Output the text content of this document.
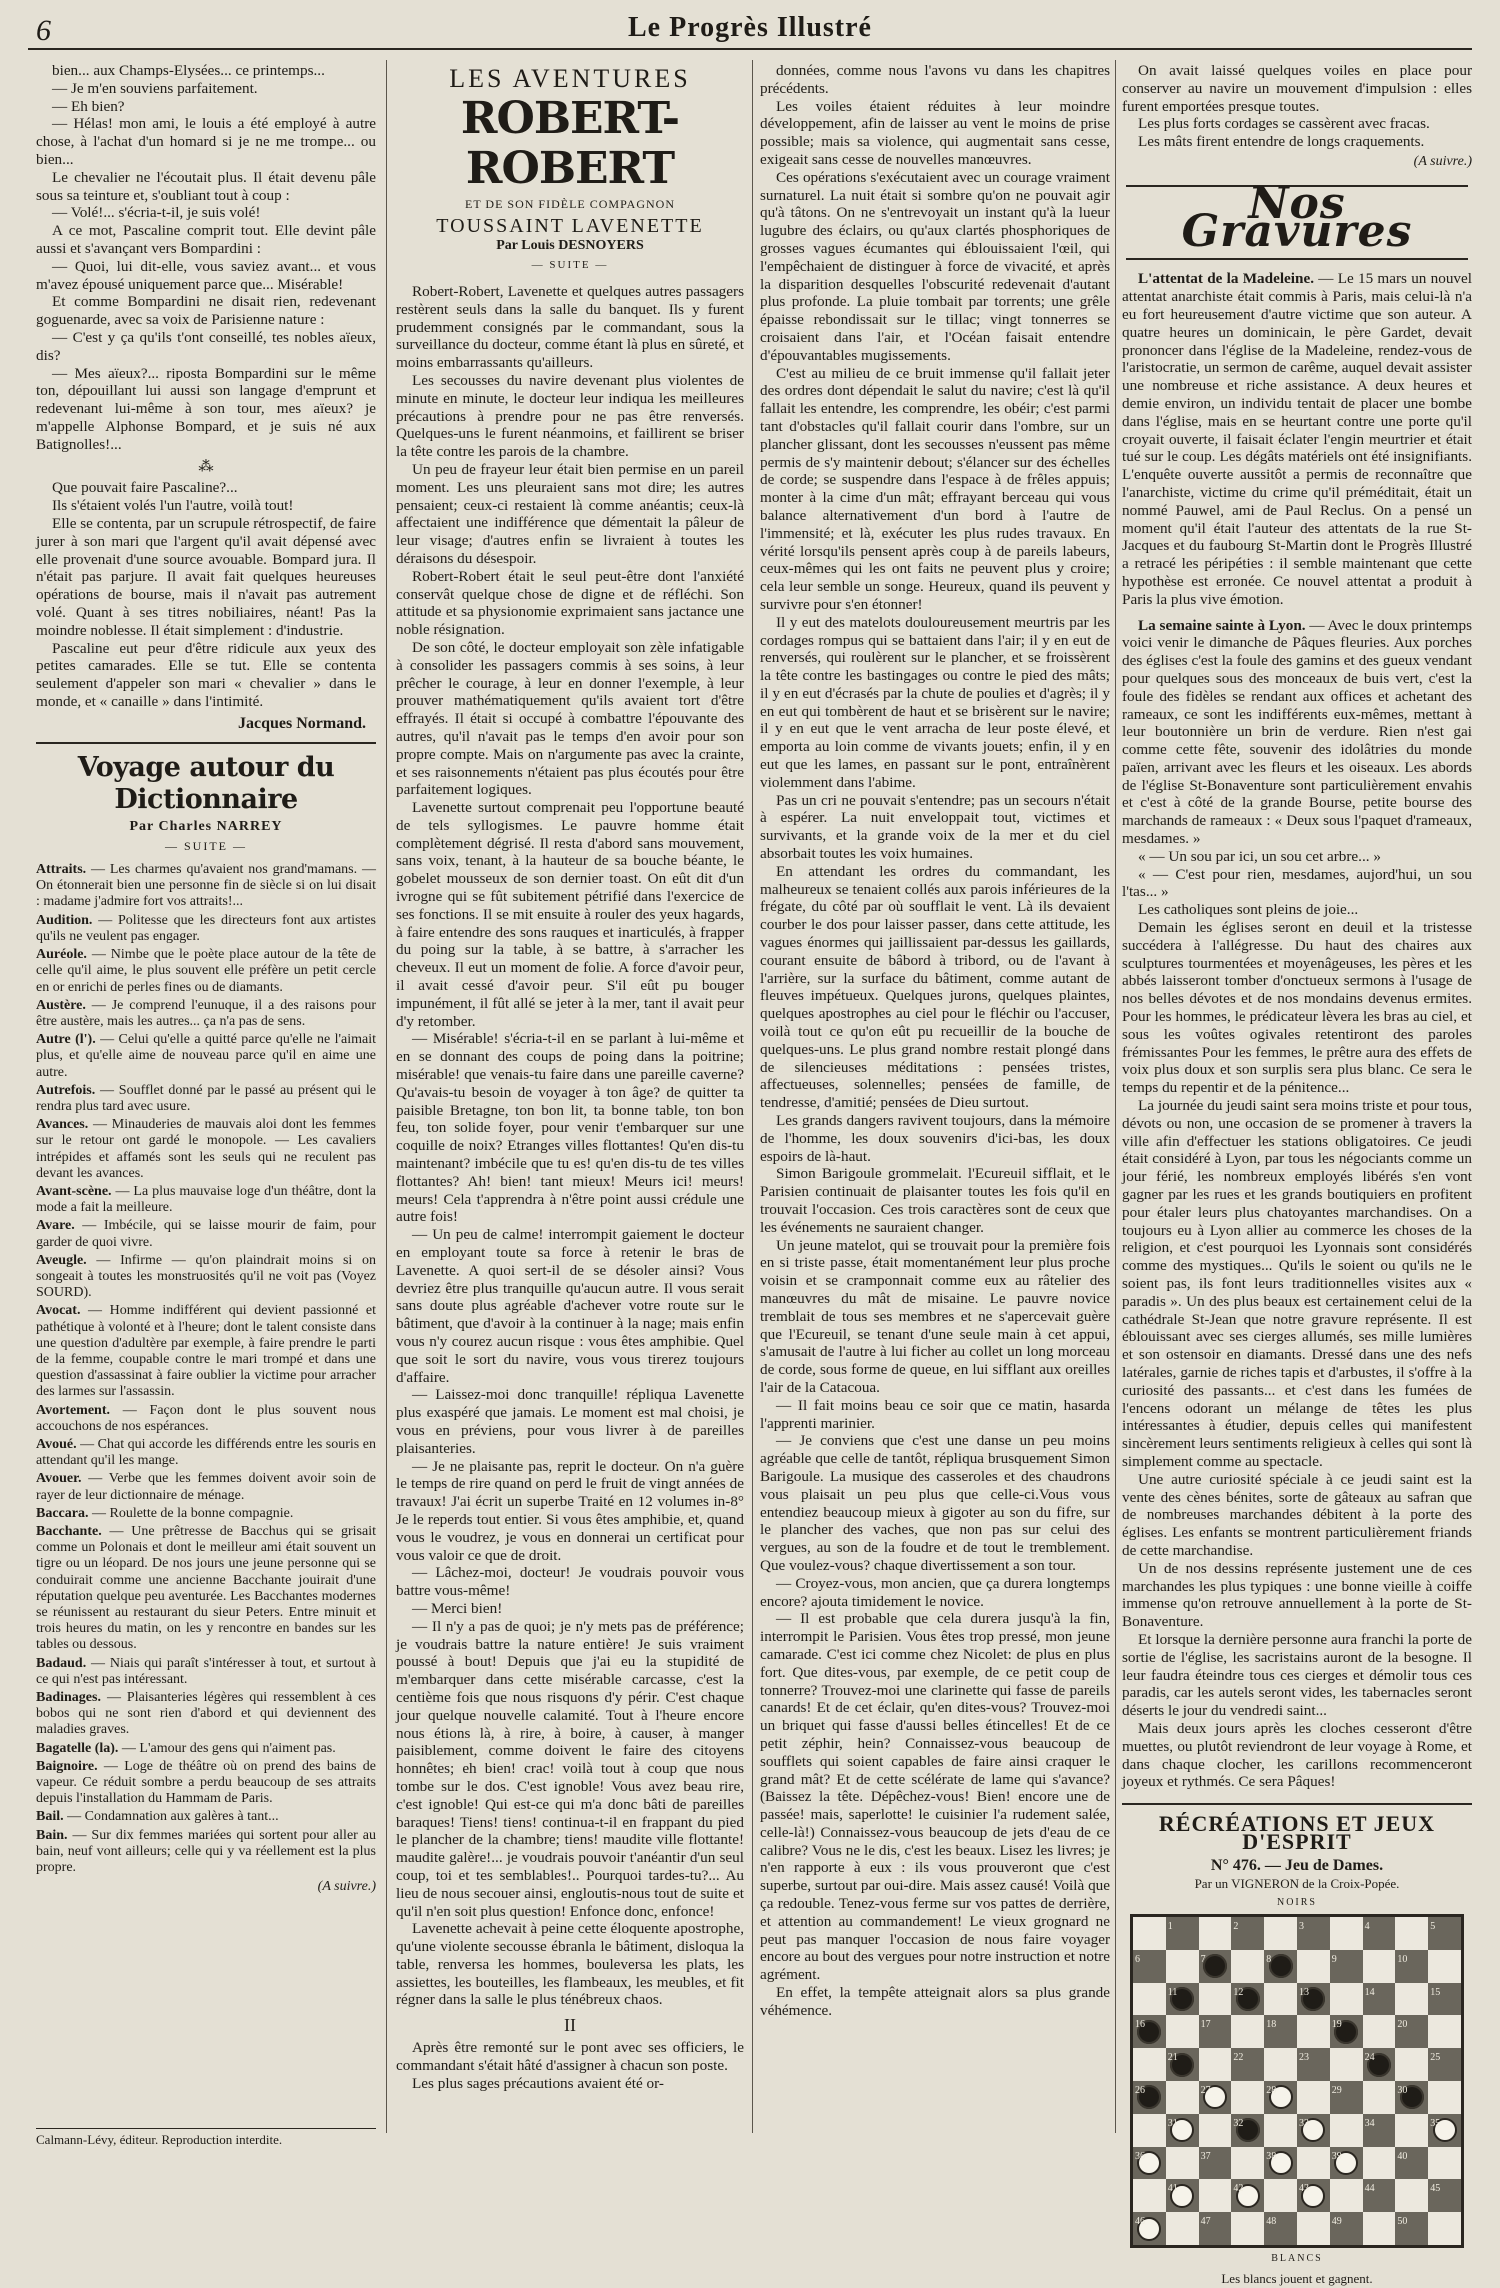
6	Le Progrès Illustré

bien... aux Champs-Elysées... ce printemps...

— Je m'en souviens parfaitement.

— Eh bien?

— Hélas! mon ami, le louis a été employé à autre chose, à l'achat d'un homard si je ne me trompe... ou bien...

Le chevalier ne l'écoutait plus. Il était devenu pâle sous sa teinture et, s'oubliant tout à coup :

— Volé!... s'écria-t-il, je suis volé!

A ce mot, Pascaline comprit tout. Elle devint pâle aussi et s'avançant vers Bompardini :

— Quoi, lui dit-elle, vous saviez avant... et vous m'avez épousé uniquement parce que... Misérable!

Et comme Bompardini ne disait rien, redevenant goguenarde, avec sa voix de Parisienne nature :

— C'est y ça qu'ils t'ont conseillé, tes nobles aïeux, dis?

— Mes aïeux?... riposta Bompardini sur le même ton, dépouillant lui aussi son langage d'emprunt et redevenant lui-même à son tour, mes aïeux? je m'appelle Alphonse Bompard, et je suis né aux Batignolles!...

⁂

Que pouvait faire Pascaline?...

Ils s'étaient volés l'un l'autre, voilà tout!

Elle se contenta, par un scrupule rétrospectif, de faire jurer à son mari que l'argent qu'il avait dépensé avec elle provenait d'une source avouable. Bompard jura. Il n'était pas parjure. Il avait fait quelques heureuses opérations de bourse, mais il n'avait pas autrement volé. Quant à ses titres nobiliaires, néant! Pas la moindre noblesse. Il était simplement : d'industrie.

Pascaline eut peur d'être ridicule aux yeux des petites camarades. Elle se tut. Elle se contenta seulement d'appeler son mari « chevalier » dans le monde, et « canaille » dans l'intimité.

Jacques Normand.

Voyage autour du Dictionnaire

Par Charles NARREY

— SUITE —

Attraits. — Les charmes qu'avaient nos grand'mamans. — On étonnerait bien une personne fin de siècle si on lui disait : madame j'admire fort vos attraits!...

Audition. — Politesse que les directeurs font aux artistes qu'ils ne veulent pas engager.

Auréole. — Nimbe que le poète place autour de la tête de celle qu'il aime, le plus souvent elle préfère un petit cercle en or enrichi de perles fines ou de diamants.

Austère. — Je comprend l'eunuque, il a des raisons pour être austère, mais les autres... ça n'a pas de sens.

Autre (l'). — Celui qu'elle a quitté parce qu'elle ne l'aimait plus, et qu'elle aime de nouveau parce qu'il en aime une autre.

Autrefois. — Soufflet donné par le passé au présent qui le rendra plus tard avec usure.

Avances. — Minauderies de mauvais aloi dont les femmes sur le retour ont gardé le monopole. — Les cavaliers intrépides et affamés sont les seuls qui ne reculent pas devant les avances.

Avant-scène. — La plus mauvaise loge d'un théâtre, dont la mode a fait la meilleure.

Avare. — Imbécile, qui se laisse mourir de faim, pour garder de quoi vivre.

Aveugle. — Infirme — qu'on plaindrait moins si on songeait à toutes les monstruosités qu'il ne voit pas (Voyez SOURD).

Avocat. — Homme indifférent qui devient passionné et pathétique à volonté et à l'heure; dont le talent consiste dans une question d'adultère par exemple, à faire prendre le parti de la femme, coupable contre le mari trompé et dans une question d'assassinat à faire oublier la victime pour arracher des larmes sur l'assassin.

Avortement. — Façon dont le plus souvent nous accouchons de nos espérances.

Avoué. — Chat qui accorde les différends entre les souris en attendant qu'il les mange.

Avouer. — Verbe que les femmes doivent avoir soin de rayer de leur dictionnaire de ménage.

Baccara. — Roulette de la bonne compagnie.

Bacchante. — Une prêtresse de Bacchus qui se grisait comme un Polonais et dont le meilleur ami était souvent un tigre ou un léopard. De nos jours une jeune personne qui se conduirait comme une ancienne Bacchante jouirait d'une réputation quelque peu aventurée. Les Bacchantes modernes se réunissent au restaurant du sieur Peters. Entre minuit et trois heures du matin, on les y rencontre en bandes sur les tables ou dessous.

Badaud. — Niais qui paraît s'intéresser à tout, et surtout à ce qui n'est pas intéressant.

Badinages. — Plaisanteries légères qui ressemblent à ces bobos qui ne sont rien d'abord et qui deviennent des maladies graves.

Bagatelle (la). — L'amour des gens qui n'aiment pas.

Baignoire. — Loge de théâtre où on prend des bains de vapeur. Ce réduit sombre a perdu beaucoup de ses attraits depuis l'installation du Hammam de Paris.

Bail. — Condamnation aux galères à tant...

Bain. — Sur dix femmes mariées qui sortent pour aller au bain, neuf vont ailleurs; celle qui y va réellement est la plus propre.

(A suivre.)

Calmann-Lévy, éditeur. Reproduction interdite.

LES AVENTURES

ROBERT-ROBERT

ET DE SON FIDÈLE COMPAGNON

TOUSSAINT LAVENETTE

Par Louis DESNOYERS

— SUITE —

Robert-Robert, Lavenette et quelques autres passagers restèrent seuls dans la salle du banquet. Ils y furent prudemment consignés par le commandant, sous la surveillance du docteur, comme étant là plus en sûreté, et moins embarrassants qu'ailleurs.

Les secousses du navire devenant plus violentes de minute en minute, le docteur leur indiqua les meilleures précautions à prendre pour ne pas être renversés. Quelques-uns le furent néanmoins, et faillirent se briser la tête contre les parois de la chambre.

Un peu de frayeur leur était bien permise en un pareil moment. Les uns pleuraient sans mot dire; les autres pensaient; ceux-ci restaient là comme anéantis; ceux-là affectaient une indifférence que démentait la pâleur de leur visage; d'autres enfin se livraient à toutes les déraisons du désespoir.

Robert-Robert était le seul peut-être dont l'anxiété conservât quelque chose de digne et de réfléchi. Son attitude et sa physionomie exprimaient sans jactance une noble résignation.

De son côté, le docteur employait son zèle infatigable à consolider les passagers commis à ses soins, à leur prêcher le courage, à leur en donner l'exemple, à leur prouver mathématiquement qu'ils avaient tort d'être effrayés. Il était si occupé à combattre l'épouvante des autres, qu'il n'avait pas le temps d'en avoir pour son propre compte. Mais on n'argumente pas avec la crainte, et ses raisonnements n'étaient pas plus écoutés pour être parfaitement logiques.

Lavenette surtout comprenait peu l'opportune beauté de tels syllogismes. Le pauvre homme était complètement dégrisé. Il resta d'abord sans mouvement, sans voix, tenant, à la hauteur de sa bouche béante, le gobelet mousseux de son dernier toast. On eût dit d'un ivrogne qui se fût subitement pétrifié dans l'exercice de ses fonctions. Il se mit ensuite à rouler des yeux hagards, à faire entendre des sons rauques et inarticulés, à frapper du poing sur la table, à se battre, à s'arracher les cheveux. Il eut un moment de folie. A force d'avoir peur, il avait cessé d'avoir peur. S'il eût pu bouger impunément, il fût allé se jeter à la mer, tant il avait peur d'y retomber.

— Misérable! s'écria-t-il en se parlant à lui-même et en se donnant des coups de poing dans la poitrine; misérable! que venais-tu faire dans une pareille caverne? Qu'avais-tu besoin de voyager à ton âge? de quitter ta paisible Bretagne, ton bon lit, ta bonne table, ton bon feu, ton solide foyer, pour venir t'embarquer sur une coquille de noix? Etranges villes flottantes! Qu'en dis-tu maintenant? imbécile que tu es! qu'en dis-tu de tes villes flottantes? Ah! bien! tant mieux! Meurs ici! meurs! meurs! Cela t'apprendra à n'être point aussi crédule une autre fois!

— Un peu de calme! interrompit gaiement le docteur en employant toute sa force à retenir le bras de Lavenette. A quoi sert-il de se désoler ainsi? Vous devriez être plus tranquille qu'aucun autre. Il vous serait sans doute plus agréable d'achever votre route sur le bâtiment, que d'avoir à la continuer à la nage; mais enfin vous n'y courez aucun risque : vous êtes amphibie. Quel que soit le sort du navire, vous vous tirerez toujours d'affaire.

— Laissez-moi donc tranquille! répliqua Lavenette plus exaspéré que jamais. Le moment est mal choisi, je vous en préviens, pour vous livrer à de pareilles plaisanteries.

— Je ne plaisante pas, reprit le docteur. On n'a guère le temps de rire quand on perd le fruit de vingt années de travaux! J'ai écrit un superbe Traité en 12 volumes in-8° Je le reperds tout entier. Si vous êtes amphibie, et, quand vous le voudrez, je vous en donnerai un certificat pour vous valoir ce que de droit.

— Lâchez-moi, docteur! Je voudrais pouvoir vous battre vous-même!

— Merci bien!

— Il n'y a pas de quoi; je n'y mets pas de préférence; je voudrais battre la nature entière! Je suis vraiment poussé à bout! Depuis que j'ai eu la stupidité de m'embarquer dans cette misérable carcasse, c'est la centième fois que nous risquons d'y périr. C'est chaque jour quelque nouvelle calamité. Tout à l'heure encore nous étions là, à rire, à boire, à causer, à manger paisiblement, comme doivent le faire des citoyens honnêtes; eh bien! crac! voilà tout à coup que nous tombe sur le dos. C'est ignoble! Vous avez beau rire, c'est ignoble! Qui est-ce qui m'a donc bâti de pareilles baraques! Tiens! tiens! continua-t-il en frappant du pied le plancher de la chambre; tiens! maudite ville flottante! maudite galère!... je voudrais pouvoir t'anéantir d'un seul coup, toi et tes semblables!.. Pourquoi tardes-tu?... Au lieu de nous secouer ainsi, engloutis-nous tout de suite et qu'il n'en soit plus question! Enfonce donc, enfonce!

Lavenette achevait à peine cette éloquente apostrophe, qu'une violente secousse ébranla le bâtiment, disloqua la table, renversa les hommes, bouleversa les plats, les assiettes, les bouteilles, les flambeaux, les meubles, et fit régner dans la salle le plus ténébreux chaos.

II

Après être remonté sur le pont avec ses officiers, le commandant s'était hâté d'assigner à chacun son poste.

Les plus sages précautions avaient été or-

données, comme nous l'avons vu dans les chapitres précédents.

Les voiles étaient réduites à leur moindre développement, afin de laisser au vent le moins de prise possible; mais sa violence, qui augmentait sans cesse, exigeait sans cesse de nouvelles manœuvres.

Ces opérations s'exécutaient avec un courage vraiment surnaturel. La nuit était si sombre qu'on ne pouvait agir qu'à tâtons. On ne s'entrevoyait un instant qu'à la lueur lugubre des éclairs, ou qu'aux clartés phosphoriques de grosses vagues écumantes qui éblouissaient l'œil, qui l'empêchaient de distinguer à force de vivacité, et après la disparition desquelles l'obscurité redevenait d'autant plus profonde. La pluie tombait par torrents; une grêle épaisse rebondissait sur le tillac; vingt tonnerres se croisaient dans l'air, et l'Océan faisait entendre d'épouvantables mugissements.

C'est au milieu de ce bruit immense qu'il fallait jeter des ordres dont dépendait le salut du navire; c'est là qu'il fallait les entendre, les comprendre, les obéir; c'est parmi tant d'obstacles qu'il fallait courir dans l'ombre, sur un plancher glissant, dont les secousses n'eussent pas même permis de s'y maintenir debout; s'élancer sur des échelles de corde; se suspendre dans l'espace à de frêles appuis; monter à la cime d'un mât; effrayant berceau qui vous balance alternativement d'un bord à l'autre de l'immensité; et là, exécuter les plus rudes travaux. En vérité lorsqu'ils pensent après coup à de pareils labeurs, ceux-mêmes qui les ont faits ne peuvent plus y croire; cela leur semble un songe. Heureux, quand ils peuvent y survivre pour s'en étonner!

Il y eut des matelots douloureusement meurtris par les cordages rompus qui se battaient dans l'air; il y en eut de renversés, qui roulèrent sur le plancher, et se froissèrent la tête contre les bastingages ou contre le pied des mâts; il y en eut d'écrasés par la chute de poulies et d'agrès; il y en eut qui tombèrent de haut et se brisèrent sur le navire; il y en eut que le vent arracha de leur poste élevé, et emporta au loin comme de vivants jouets; enfin, il y en eut que les lames, en passant sur le pont, entraînèrent violemment dans l'abime.

Pas un cri ne pouvait s'entendre; pas un secours n'était à espérer. La nuit enveloppait tout, victimes et survivants, et la grande voix de la mer et du ciel absorbait toutes les voix humaines.

En attendant les ordres du commandant, les malheureux se tenaient collés aux parois inférieures de la frégate, du côté par où soufflait le vent. Là ils devaient courber le dos pour laisser passer, dans cette attitude, les vagues énormes qui jaillissaient par-dessus les gaillards, courant ensuite de bâbord à tribord, ou de l'avant à l'arrière, sur la surface du bâtiment, comme autant de fleuves impétueux. Quelques jurons, quelques plaintes, quelques apostrophes au ciel pour le fléchir ou l'accuser, voilà tout ce qu'on eût pu recueillir de la bouche de quelques-uns. Le plus grand nombre restait plongé dans de silencieuses méditations : pensées tristes, affectueuses, solennelles; pensées de famille, de tendresse, d'amitié; pensées de Dieu surtout.

Les grands dangers ravivent toujours, dans la mémoire de l'homme, les doux souvenirs d'ici-bas, les doux espoirs de là-haut.

Simon Barigoule grommelait. l'Ecureuil sifflait, et le Parisien continuait de plaisanter toutes les fois qu'il en trouvait l'occasion. Ces trois caractères sont de ceux que les événements ne sauraient changer.

Un jeune matelot, qui se trouvait pour la première fois en si triste passe, était momentanément leur plus proche voisin et se cramponnait comme eux au râtelier des manœuvres du mât de misaine. Le pauvre novice tremblait de tous ses membres et ne s'apercevait guère que l'Ecureuil, se tenant d'une seule main à cet appui, s'amusait de l'autre à lui ficher au collet un long morceau de corde, sous forme de queue, en lui sifflant aux oreilles l'air de la Catacoua.

— Il fait moins beau ce soir que ce matin, hasarda l'apprenti marinier.

— Je conviens que c'est une danse un peu moins agréable que celle de tantôt, répliqua brusquement Simon Barigoule. La musique des casseroles et des chaudrons vous plaisait un peu plus que celle-ci.Vous vous entendiez beaucoup mieux à gigoter au son du fifre, sur le plancher des vaches, que non pas sur celui des vergues, au son de la foudre et de tout le tremblement. Que voulez-vous? chaque divertissement a son tour.

— Croyez-vous, mon ancien, que ça durera longtemps encore? ajouta timidement le novice.

— Il est probable que cela durera jusqu'à la fin, interrompit le Parisien. Vous êtes trop pressé, mon jeune camarade. C'est ici comme chez Nicolet: de plus en plus fort. Que dites-vous, par exemple, de ce petit coup de tonnerre? Trouvez-moi une clarinette qui fasse de pareils canards! Et de cet éclair, qu'en dites-vous? Trouvez-moi un briquet qui fasse d'aussi belles étincelles! Et de ce petit zéphir, hein? Connaissez-vous beaucoup de soufflets qui soient capables de faire ainsi craquer le grand mât? Et de cette scélérate de lame qui s'avance? (Baissez la tête. Dépêchez-vous! Bien! encore une de passée! mais, saperlotte! le cuisinier l'a rudement salée, celle-là!) Connaissez-vous beaucoup de jets d'eau de ce calibre? Vous ne le dis, c'est les beaux. Lisez les livres; je n'en rapporte à eux : ils vous prouveront que c'est superbe, surtout par oui-dire. Mais assez causé! Voilà que ça redouble. Tenez-vous ferme sur vos pattes de derrière, et attention au commandement! Le vieux grognard ne peut pas manquer l'occasion de nous faire voyager encore au bout des vergues pour notre instruction et notre agrément.

En effet, la tempête atteignait alors sa plus grande véhémence.

On avait laissé quelques voiles en place pour conserver au navire un mouvement d'impulsion : elles furent emportées presque toutes.

Les plus forts cordages se cassèrent avec fracas.

Les mâts firent entendre de longs craquements.

(A suivre.)

Nos Gravures

L'attentat de la Madeleine. — Le 15 mars un nouvel attentat anarchiste était commis à Paris, mais celui-là n'a eu fort heureusement d'autre victime que son auteur. A quatre heures un dominicain, le père Gardet, devait prononcer dans l'église de la Madeleine, rendez-vous de l'aristocratie, un sermon de carême, auquel devait assister une nombreuse et riche assistance. A deux heures et demie environ, un individu tentait de placer une bombe dans l'église, mais en se heurtant contre une porte qu'il croyait ouverte, il faisait éclater l'engin meurtrier et était tué sur le coup. Les dégâts matériels ont été insignifiants. L'enquête ouverte aussitôt a permis de reconnaître que l'anarchiste, victime du crime qu'il préméditait, était un nommé Pauwel, ami de Paul Reclus. On a pensé un moment qu'il était l'auteur des attentats de la rue St-Jacques et du faubourg St-Martin dont le Progrès Illustré a retracé les péripéties : il semble maintenant que cette hypothèse est erronée. Ce nouvel attentat a produit à Paris la plus vive émotion.

La semaine sainte à Lyon. — Avec le doux printemps voici venir le dimanche de Pâques fleuries. Aux porches des églises c'est la foule des gamins et des gueux vendant pour quelques sous des monceaux de buis vert, c'est la foule des fidèles se rendant aux offices et achetant des rameaux, ce sont les indifférents eux-mêmes, mettant à leur boutonnière un brin de verdure. Rien n'est gai comme cette fête, souvenir des idolâtries du monde païen, arrivant avec les fleurs et les oiseaux. Les abords de l'église St-Bonaventure sont particulièrement envahis et c'est à côté de la grande Bourse, petite bourse des marchands de rameaux : « Deux sous l'paquet d'rameaux, mesdames. »

« — Un sou par ici, un sou cet arbre... »

« — C'est pour rien, mesdames, aujord'hui, un sou l'tas... »

Les catholiques sont pleins de joie...

Demain les églises seront en deuil et la tristesse succédera à l'allégresse. Du haut des chaires aux sculptures tourmentées et moyenâgeuses, les pères et les abbés laisseront tomber d'onctueux sermons à l'usage de nos belles dévotes et de nos mondains devenus ermites. Pour les hommes, le prédicateur lèvera les bras au ciel, et sous les voûtes ogivales retentiront des paroles frémissantes Pour les femmes, le prêtre aura des effets de voix plus doux et son surplis sera plus blanc. Ce sera le temps du repentir et de la pénitence...

La journée du jeudi saint sera moins triste et pour tous, dévots ou non, une occasion de se promener à travers la ville afin d'effectuer les stations obligatoires. Ce jeudi était considéré à Lyon, par tous les négociants comme un jour férié, les nombreux employés libérés s'en vont gagner par les rues et les grands boutiquiers en profitent pour étaler leurs plus chatoyantes marchandises. On a toujours eu à Lyon allier au commerce les choses de la religion, et c'est pourquoi les Lyonnais sont considérés comme des mystiques... Qu'ils le soient ou qu'ils ne le soient pas, ils font leurs traditionnelles visites aux « paradis ». Un des plus beaux est certainement celui de la cathédrale St-Jean que notre gravure représente. Il est éblouissant avec ses cierges allumés, ses mille lumières et son ostensoir en diamants. Dressé dans une des nefs latérales, garnie de riches tapis et d'arbustes, il s'offre à la curiosité des passants... et c'est dans les fumées de l'encens odorant un mélange de têtes les plus intéressantes à étudier, depuis celles qui manifestent sincèrement leurs sentiments religieux à celles qui sont là simplement comme au spectacle.

Une autre curiosité spéciale à ce jeudi saint est la vente des cènes bénites, sorte de gâteaux au safran que de nombreuses marchandes débitent à la porte des églises. Les enfants se montrent particulièrement friands de cette marchandise.

Un de nos dessins représente justement une de ces marchandes les plus typiques : une bonne vieille à coiffe immense qu'on retrouve annuellement à la porte de St-Bonaventure.

Et lorsque la dernière personne aura franchi la porte de sortie de l'église, les sacristains auront de la besogne. Il leur faudra éteindre tous ces cierges et démolir tous ces paradis, car les autels seront vides, les tabernacles seront déserts le jour du vendredi saint...

Mais deux jours après les cloches cesseront d'être muettes, ou plutôt reviendront de leur voyage à Rome, et dans chaque clocher, les carillons recommenceront joyeux et rythmés. Ce sera Pâques!

RÉCRÉATIONS ET JEUX D'ESPRIT

N° 476. — Jeu de Dames.

Par un VIGNERON de la Croix-Popée.

NOIRS

1	2	3	4	5
6	7	8	9	10
11	12	13	14	15
16	17	18	19	20
21	22	23	24	25
26	27	28	29	30
31	32	33	34	35
36	37	38	39	40
41	42	43	44	45
46	47	48	49	50

BLANCS

Les blancs jouent et gagnent.
